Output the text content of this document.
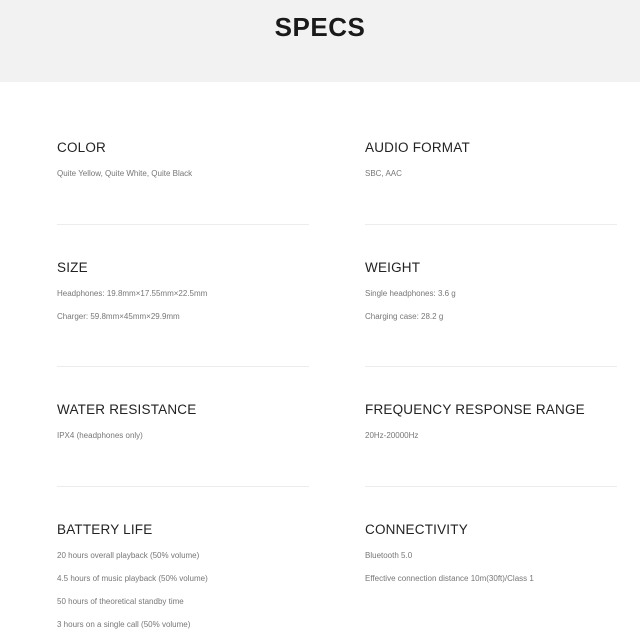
SPECS
COLOR
Quite Yellow, Quite White, Quite Black
AUDIO FORMAT
SBC, AAC
SIZE
Headphones: 19.8mm×17.55mm×22.5mm
Charger: 59.8mm×45mm×29.9mm
WEIGHT
Single headphones: 3.6 g
Charging case: 28.2 g
WATER RESISTANCE
IPX4 (headphones only)
FREQUENCY RESPONSE RANGE
20Hz-20000Hz
BATTERY LIFE
20 hours overall playback (50% volume)
4.5 hours of music playback (50% volume)
50 hours of theoretical standby time
3 hours on a single call (50% volume)
CONNECTIVITY
Bluetooth 5.0
Effective connection distance 10m(30ft)/Class 1
